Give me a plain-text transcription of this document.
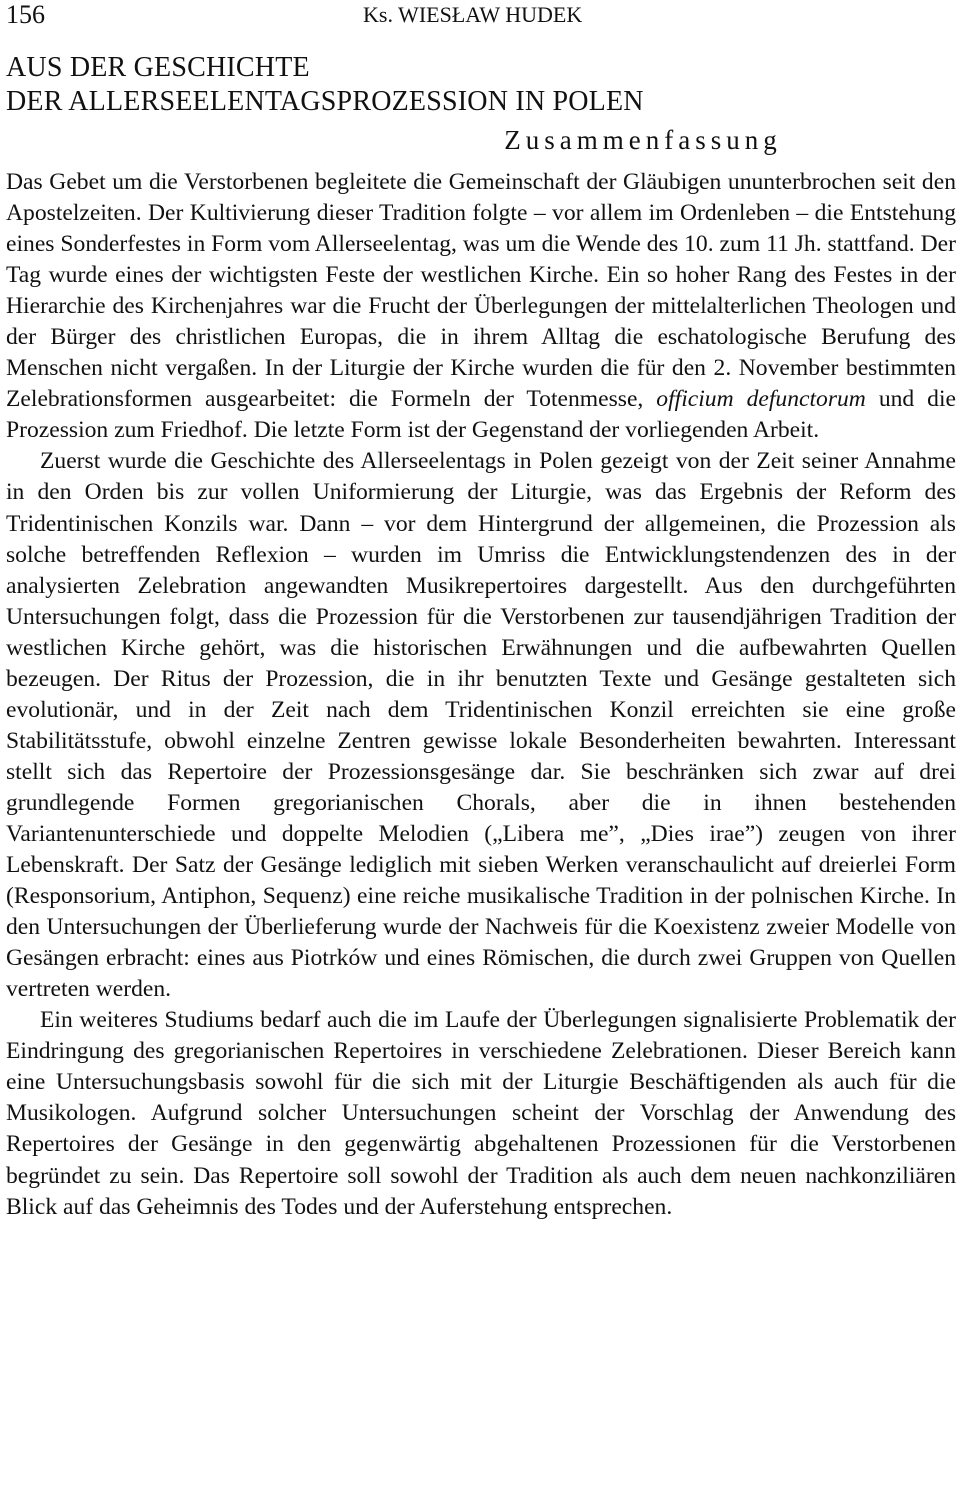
156	Ks. WIESŁAW HUDEK
AUS DER GESCHICHTE
DER ALLERSEELENTAGSPROZESSION IN POLEN
Zusammenfassung

Das Gebet um die Verstorbenen begleitete die Gemeinschaft der Gläubigen ununterbrochen seit den Apostelzeiten. Der Kultivierung dieser Tradition folgte – vor allem im Ordenleben – die Entstehung eines Sonderfestes in Form vom Allerseelentag, was um die Wende des 10. zum 11 Jh. stattfand. Der Tag wurde eines der wichtigsten Feste der westlichen Kirche. Ein so hoher Rang des Festes in der Hierarchie des Kirchenjahres war die Frucht der Überlegungen der mittelalterlichen Theologen und der Bürger des christlichen Europas, die in ihrem Alltag die eschatologische Berufung des Menschen nicht vergaßen. In der Liturgie der Kirche wurden die für den 2. November bestimmten Zelebrationsformen ausgearbeitet: die Formeln der Totenmesse, officium defunctorum und die Prozession zum Friedhof. Die letzte Form ist der Gegenstand der vorliegenden Arbeit.

Zuerst wurde die Geschichte des Allerseelentags in Polen gezeigt von der Zeit seiner Annahme in den Orden bis zur vollen Uniformierung der Liturgie, was das Ergebnis der Reform des Tridentinischen Konzils war. Dann – vor dem Hintergrund der allgemeinen, die Prozession als solche betreffenden Reflexion – wurden im Umriss die Entwicklungstendenzen des in der analysierten Zelebration angewandten Musikrepertoires dargestellt. Aus den durchgeführten Untersuchungen folgt, dass die Prozession für die Verstorbenen zur tausendjährigen Tradition der westlichen Kirche gehört, was die historischen Erwähnungen und die aufbewahrten Quellen bezeugen. Der Ritus der Prozession, die in ihr benutzten Texte und Gesänge gestalteten sich evolutionär, und in der Zeit nach dem Tridentinischen Konzil erreichten sie eine große Stabilitätsstufe, obwohl einzelne Zentren gewisse lokale Besonderheiten bewahrten. Interessant stellt sich das Repertoire der Prozessionsgesänge dar. Sie beschränken sich zwar auf drei grundlegende Formen gregorianischen Chorals, aber die in ihnen bestehenden Variantenunterschiede und doppelte Melodien („Libera me”, „Dies irae”) zeugen von ihrer Lebenskraft. Der Satz der Gesänge lediglich mit sieben Werken veranschaulicht auf dreierlei Form (Responsorium, Antiphon, Sequenz) eine reiche musikalische Tradition in der polnischen Kirche. In den Untersuchungen der Überlieferung wurde der Nachweis für die Koexistenz zweier Modelle von Gesängen erbracht: eines aus Piotrków und eines Römischen, die durch zwei Gruppen von Quellen vertreten werden.

Ein weiteres Studiums bedarf auch die im Laufe der Überlegungen signalisierte Problematik der Eindringung des gregorianischen Repertoires in verschiedene Zelebrationen. Dieser Bereich kann eine Untersuchungsbasis sowohl für die sich mit der Liturgie Beschäftigenden als auch für die Musikologen. Aufgrund solcher Untersuchungen scheint der Vorschlag der Anwendung des Repertoires der Gesänge in den gegenwärtig abgehaltenen Prozessionen für die Verstorbenen begründet zu sein. Das Repertoire soll sowohl der Tradition als auch dem neuen nachkonziliären Blick auf das Geheimnis des Todes und der Auferstehung entsprechen.
